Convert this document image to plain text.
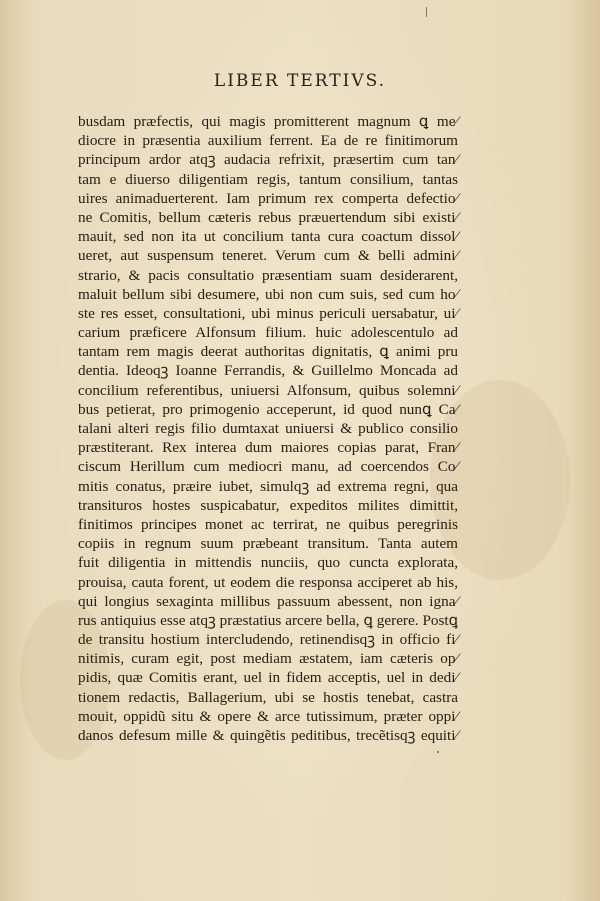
LIBER TERTIVS.
busdam præfectis, qui magis promitterent magnum ꝗ me⁄
diocre in præsentia auxilium ferrent. Ea de re finitimorum
principum ardor atqꝫ audacia refrixit, præsertim cum tan⁄
tam e diuerso diligentiam regis, tantum consilium, tantas
uires animaduerterent. Iam primum rex comperta defectio⁄
ne Comitis, bellum cæteris rebus præuertendum sibi existi⁄
mauit, sed non ita ut concilium tanta cura coactum dissol⁄
ueret, aut suspensum teneret. Verum cum & belli admini⁄
strario, & pacis consultatio præsentiam suam desiderarent,
maluit bellum sibi desumere, ubi non cum suis, sed cum ho⁄
ste res esset, consultationi, ubi minus periculi uersabatur, ui⁄
carium præficere Alfonsum filium. huic adolescentulo ad
tantam rem magis deerat authoritas dignitatis, ꝗ animi pru
dentia. Ideoqꝫ Ioanne Ferrandis, & Guillelmo Moncada ad
concilium referentibus, uniuersi Alfonsum, quibus solemni⁄
bus petierat, pro primogenio acceperunt, id quod nunꝗ Ca⁄
talani alteri regis filio dumtaxat uniuersi & publico consilio
præstiterant. Rex interea dum maiores copias parat, Fran⁄
ciscum Herillum cum mediocri manu, ad coercendos Co⁄
mitis conatus, præire iubet, simulqꝫ ad extrema regni, qua
transituros hostes suspicabatur, expeditos milites dimittit,
finitimos principes monet ac terrirat, ne quibus peregrinis
copiis in regnum suum præbeant transitum. Tanta autem
fuit diligentia in mittendis nunciis, quo cuncta explorata,
prouisa, cauta forent, ut eodem die responsa acciperet ab his,
qui longius sexaginta millibus passuum abessent, non igna⁄
rus antiquius esse atqꝫ præstatius arcere bella, ꝗ gerere. Postꝗ
de transitu hostium intercludendo, retinendisqꝫ in officio fi⁄
nitimis, curam egit, post mediam æstatem, iam cæteris op⁄
pidis, quæ Comitis erant, uel in fidem acceptis, uel in dedi⁄
tionem redactis, Ballagerium, ubi se hostis tenebat, castra
mouit, oppidũ situ & opere & arce tutissimum, præter oppi⁄
danos defesum mille & quingẽtis peditibus, trecẽtisqꝫ equiti⁄
